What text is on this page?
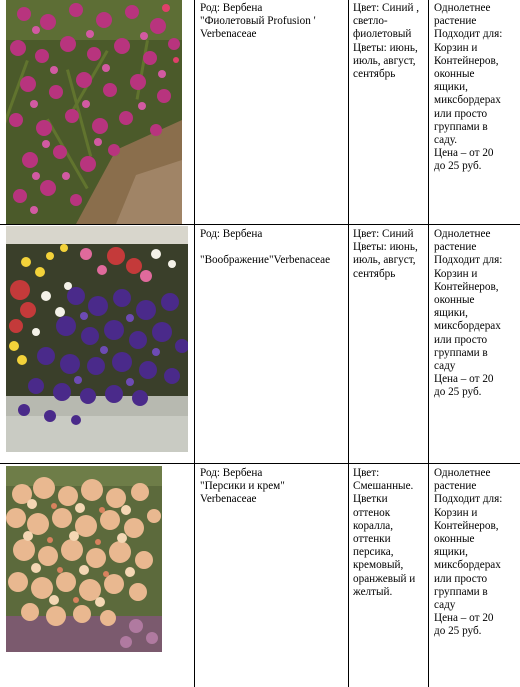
Род: Вербена
"Фиолетовый Profusion '
Verbenaceae

Цвет: Синий ,
светло-
фиолетовый
Цветы: июнь,
июль, август,
сентябрь

Однолетнее
растение
Подходит для:
Корзин и
Контейнеров,
оконные
ящики,
миксбордерах
или просто
группами в
саду.
Цена – от 20
до 25 руб.

Род: Вербена

"Воображение"Verbenaceae

Цвет: Синий
Цветы: июнь,
июль, август,
сентябрь

Однолетнее
растение
Подходит для:
Корзин и
Контейнеров,
оконные
ящики,
миксбордерах
или просто
группами в
саду
Цена – от 20
до 25 руб.

Род: Вербена
"Персики и крем"
Verbenaceae

Цвет:
Смешанные.
Цветки
оттенок
коралла,
оттенки
персика,
кремовый,
оранжевый и
желтый.

Однолетнее
растение
Подходит для:
Корзин и
Контейнеров,
оконные
ящики,
миксбордерах
или просто
группами в
саду
Цена – от 20
до 25 руб.
